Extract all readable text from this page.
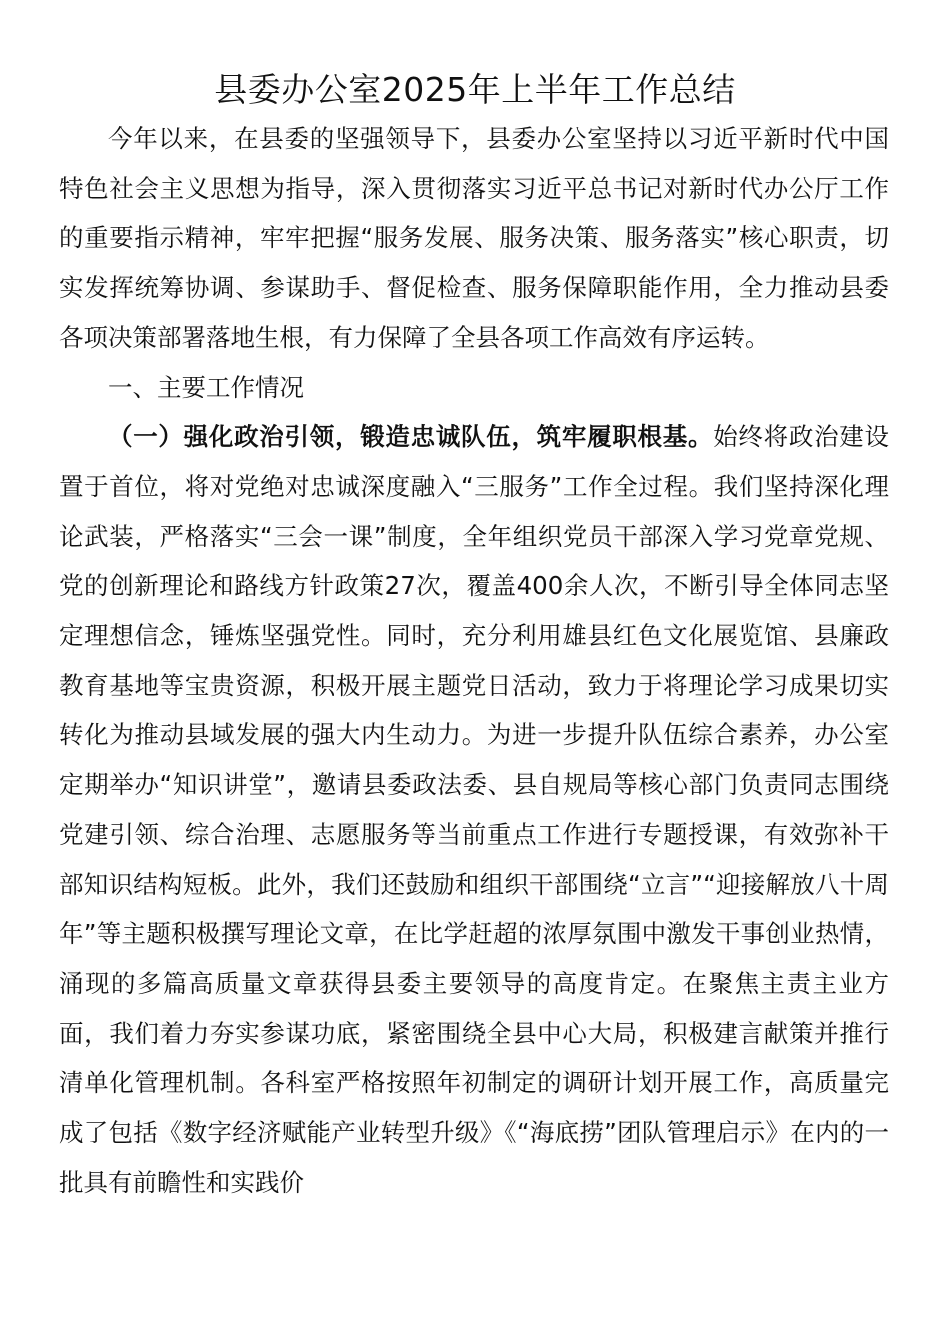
县委办公室2025年上半年工作总结

今年以来，在县委的坚强领导下，县委办公室坚持以习近平新时代中国特色社会主义思想为指导，深入贯彻落实习近平总书记对新时代办公厅工作的重要指示精神，牢牢把握“服务发展、服务决策、服务落实”核心职责，切实发挥统筹协调、参谋助手、督促检查、服务保障职能作用，全力推动县委各项决策部署落地生根，有力保障了全县各项工作高效有序运转。

一、主要工作情况

（一）强化政治引领，锻造忠诚队伍，筑牢履职根基。始终将政治建设置于首位，将对党绝对忠诚深度融入“三服务”工作全过程。我们坚持深化理论武装，严格落实“三会一课”制度，全年组织党员干部深入学习党章党规、党的创新理论和路线方针政策27次，覆盖400余人次，不断引导全体同志坚定理想信念，锤炼坚强党性。同时，充分利用雄县红色文化展览馆、县廉政教育基地等宝贵资源，积极开展主题党日活动，致力于将理论学习成果切实转化为推动县域发展的强大内生动力。为进一步提升队伍综合素养，办公室定期举办“知识讲堂”，邀请县委政法委、县自规局等核心部门负责同志围绕党建引领、综合治理、志愿服务等当前重点工作进行专题授课，有效弥补干部知识结构短板。此外，我们还鼓励和组织干部围绕“立言”“迎接解放八十周年”等主题积极撰写理论文章，在比学赶超的浓厚氛围中激发干事创业热情，涌现的多篇高质量文章获得县委主要领导的高度肯定。在聚焦主责主业方面，我们着力夯实参谋功底，紧密围绕全县中心大局，积极建言献策并推行清单化管理机制。各科室严格按照年初制定的调研计划开展工作，高质量完成了包括《数字经济赋能产业转型升级》《“海底捞”团队管理启示》在内的一批具有前瞻性和实践价
